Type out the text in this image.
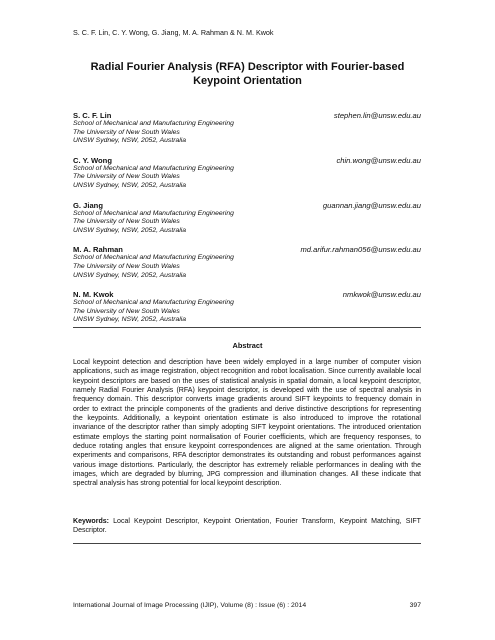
S. C. F. Lin, C. Y. Wong, G. Jiang, M. A. Rahman & N. M. Kwok
Radial Fourier Analysis (RFA) Descriptor with Fourier-based
Keypoint Orientation
S. C. F. Lin	stephen.lin@unsw.edu.au
School of Mechanical and Manufacturing Engineering
The University of New South Wales
UNSW Sydney, NSW, 2052, Australia
C. Y. Wong	chin.wong@unsw.edu.au
School of Mechanical and Manufacturing Engineering
The University of New South Wales
UNSW Sydney, NSW, 2052, Australia
G. Jiang	guannan.jiang@unsw.edu.au
School of Mechanical and Manufacturing Engineering
The University of New South Wales
UNSW Sydney, NSW, 2052, Australia
M. A. Rahman	md.arifur.rahman056@unsw.edu.au
School of Mechanical and Manufacturing Engineering
The University of New South Wales
UNSW Sydney, NSW, 2052, Australia
N. M. Kwok	nmkwok@unsw.edu.au
School of Mechanical and Manufacturing Engineering
The University of New South Wales
UNSW Sydney, NSW, 2052, Australia
Abstract
Local keypoint detection and description have been widely employed in a large number of computer vision applications, such as image registration, object recognition and robot localisation. Since currently available local keypoint descriptors are based on the uses of statistical analysis in spatial domain, a local keypoint descriptor, namely Radial Fourier Analysis (RFA) keypoint descriptor, is developed with the use of spectral analysis in frequency domain. This descriptor converts image gradients around SIFT keypoints to frequency domain in order to extract the principle components of the gradients and derive distinctive descriptions for representing the keypoints. Additionally, a keypoint orientation estimate is also introduced to improve the rotational invariance of the descriptor rather than simply adopting SIFT keypoint orientations. The introduced orientation estimate employs the starting point normalisation of Fourier coefficients, which are frequency responses, to deduce rotating angles that ensure keypoint correspondences are aligned at the same orientation. Through experiments and comparisons, RFA descriptor demonstrates its outstanding and robust performances against various image distortions. Particularly, the descriptor has extremely reliable performances in dealing with the images, which are degraded by blurring, JPG compression and illumination changes. All these indicate that spectral analysis has strong potential for local keypoint description.
Keywords: Local Keypoint Descriptor, Keypoint Orientation, Fourier Transform, Keypoint Matching, SIFT Descriptor.
International Journal of Image Processing (IJIP), Volume (8) : Issue (6) : 2014	397
